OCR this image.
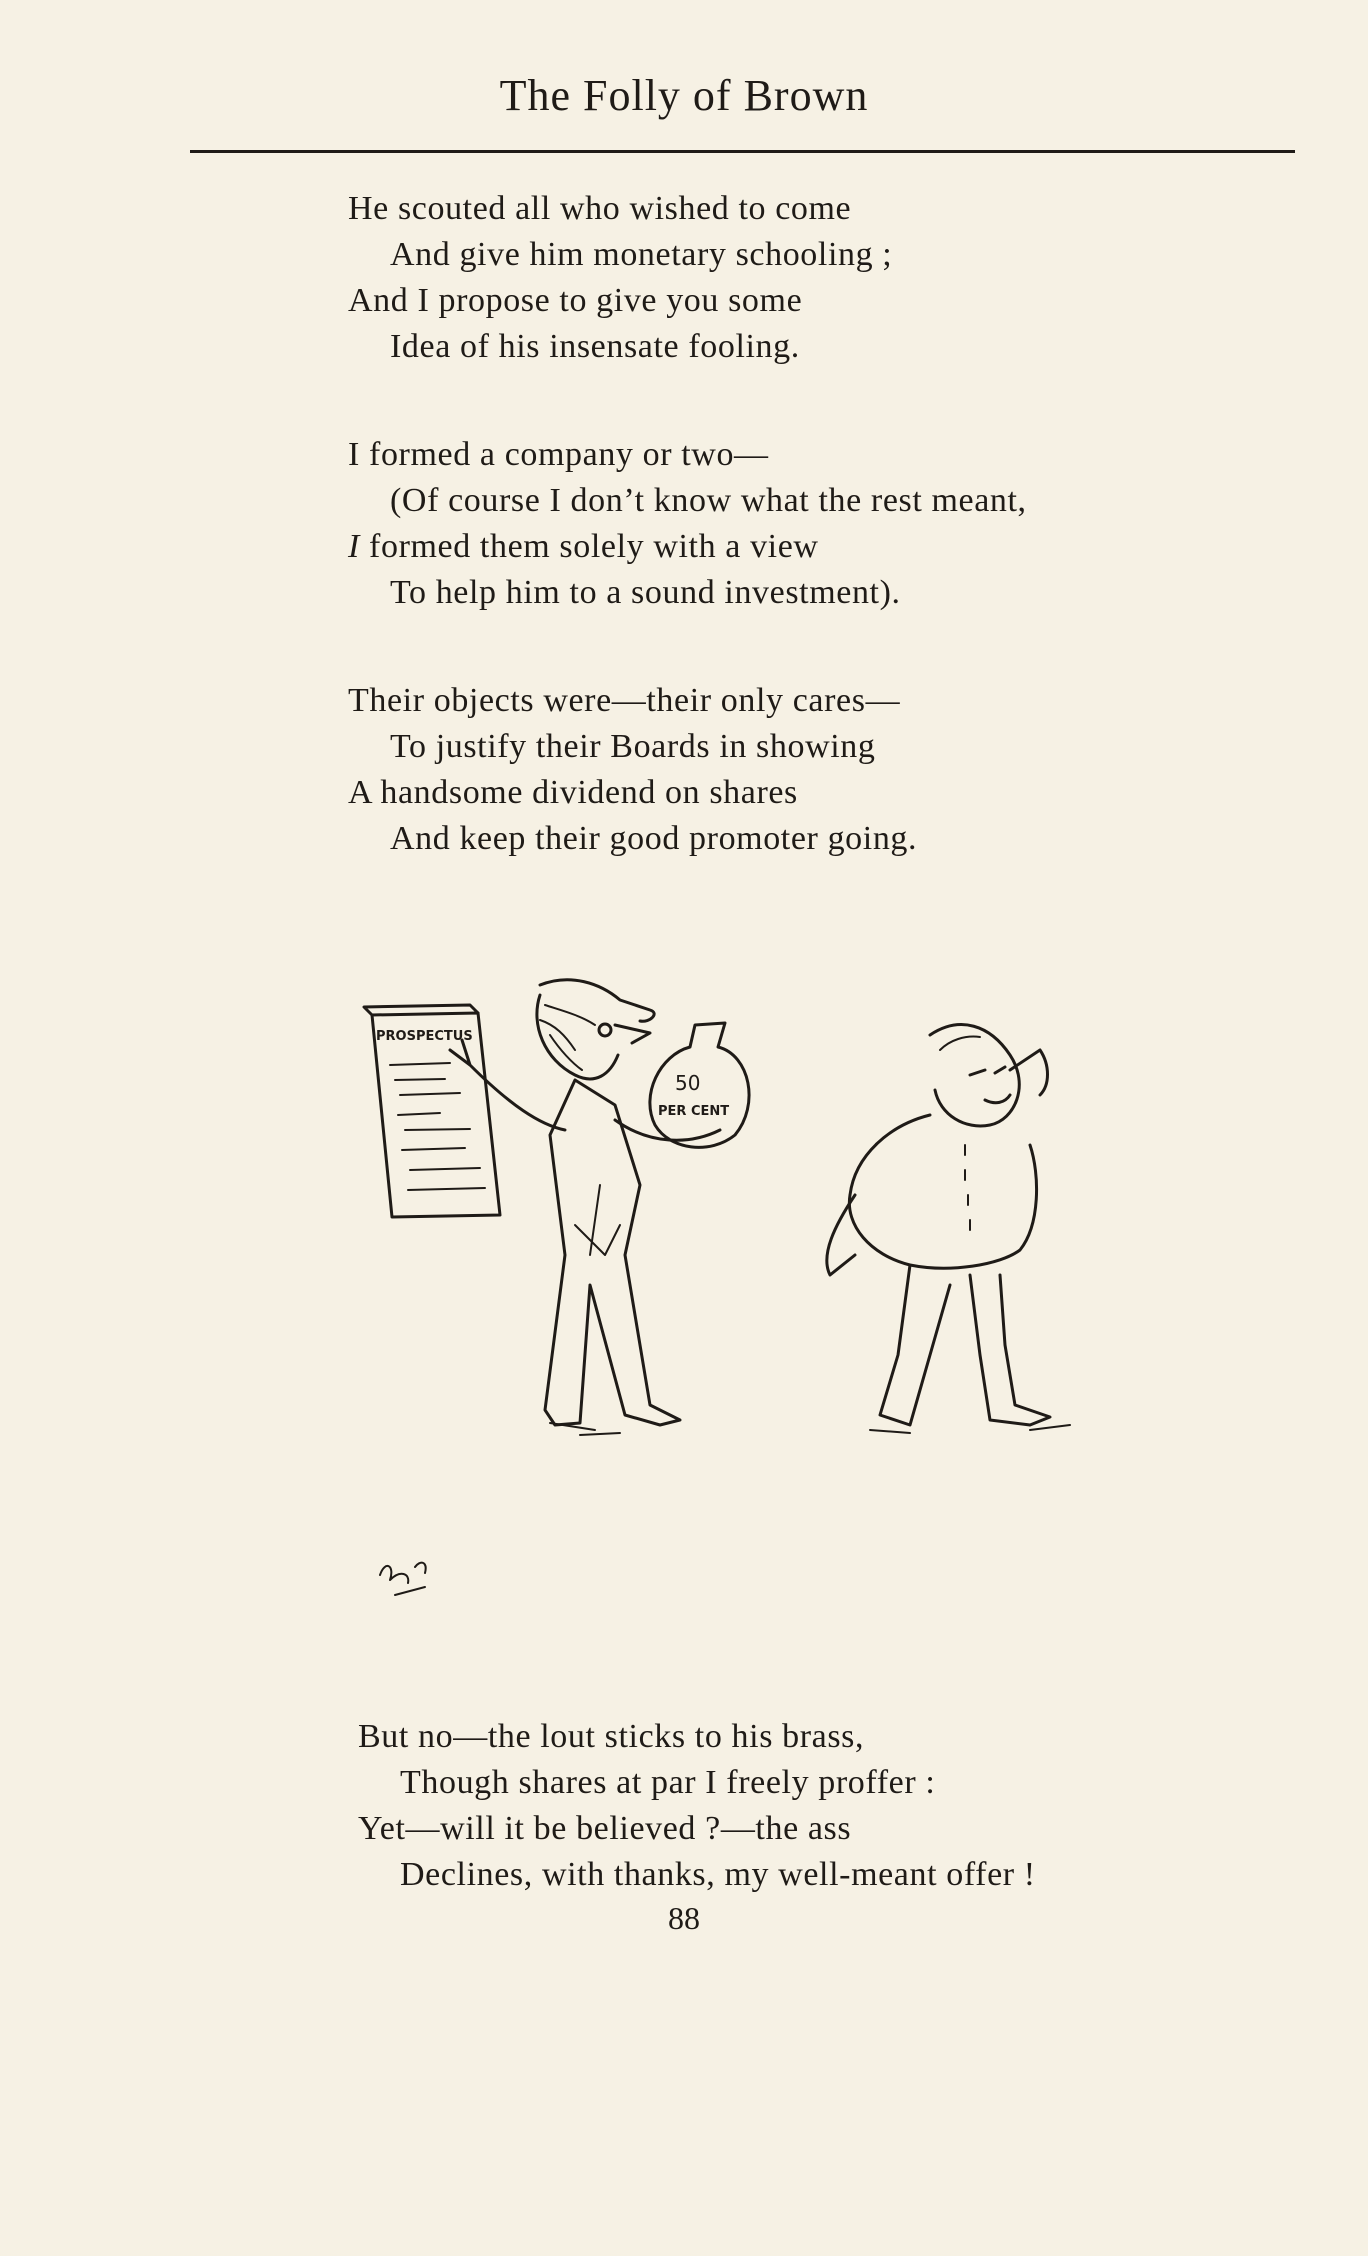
The Folly of Brown
He scouted all who wished to come
And give him monetary schooling ;
And I propose to give you some
Idea of his insensate fooling.
I formed a company or two—
(Of course I don’t know what the rest meant,
I formed them solely with a view
To help him to a sound investment).
Their objects were—their only cares—
To justify their Boards in showing
A handsome dividend on shares
And keep their good promoter going.
PROSPECTUS
50
PER CENT
But no—the lout sticks to his brass,
Though shares at par I freely proffer :
Yet—will it be believed ?—the ass
Declines, with thanks, my well-meant offer !
88
